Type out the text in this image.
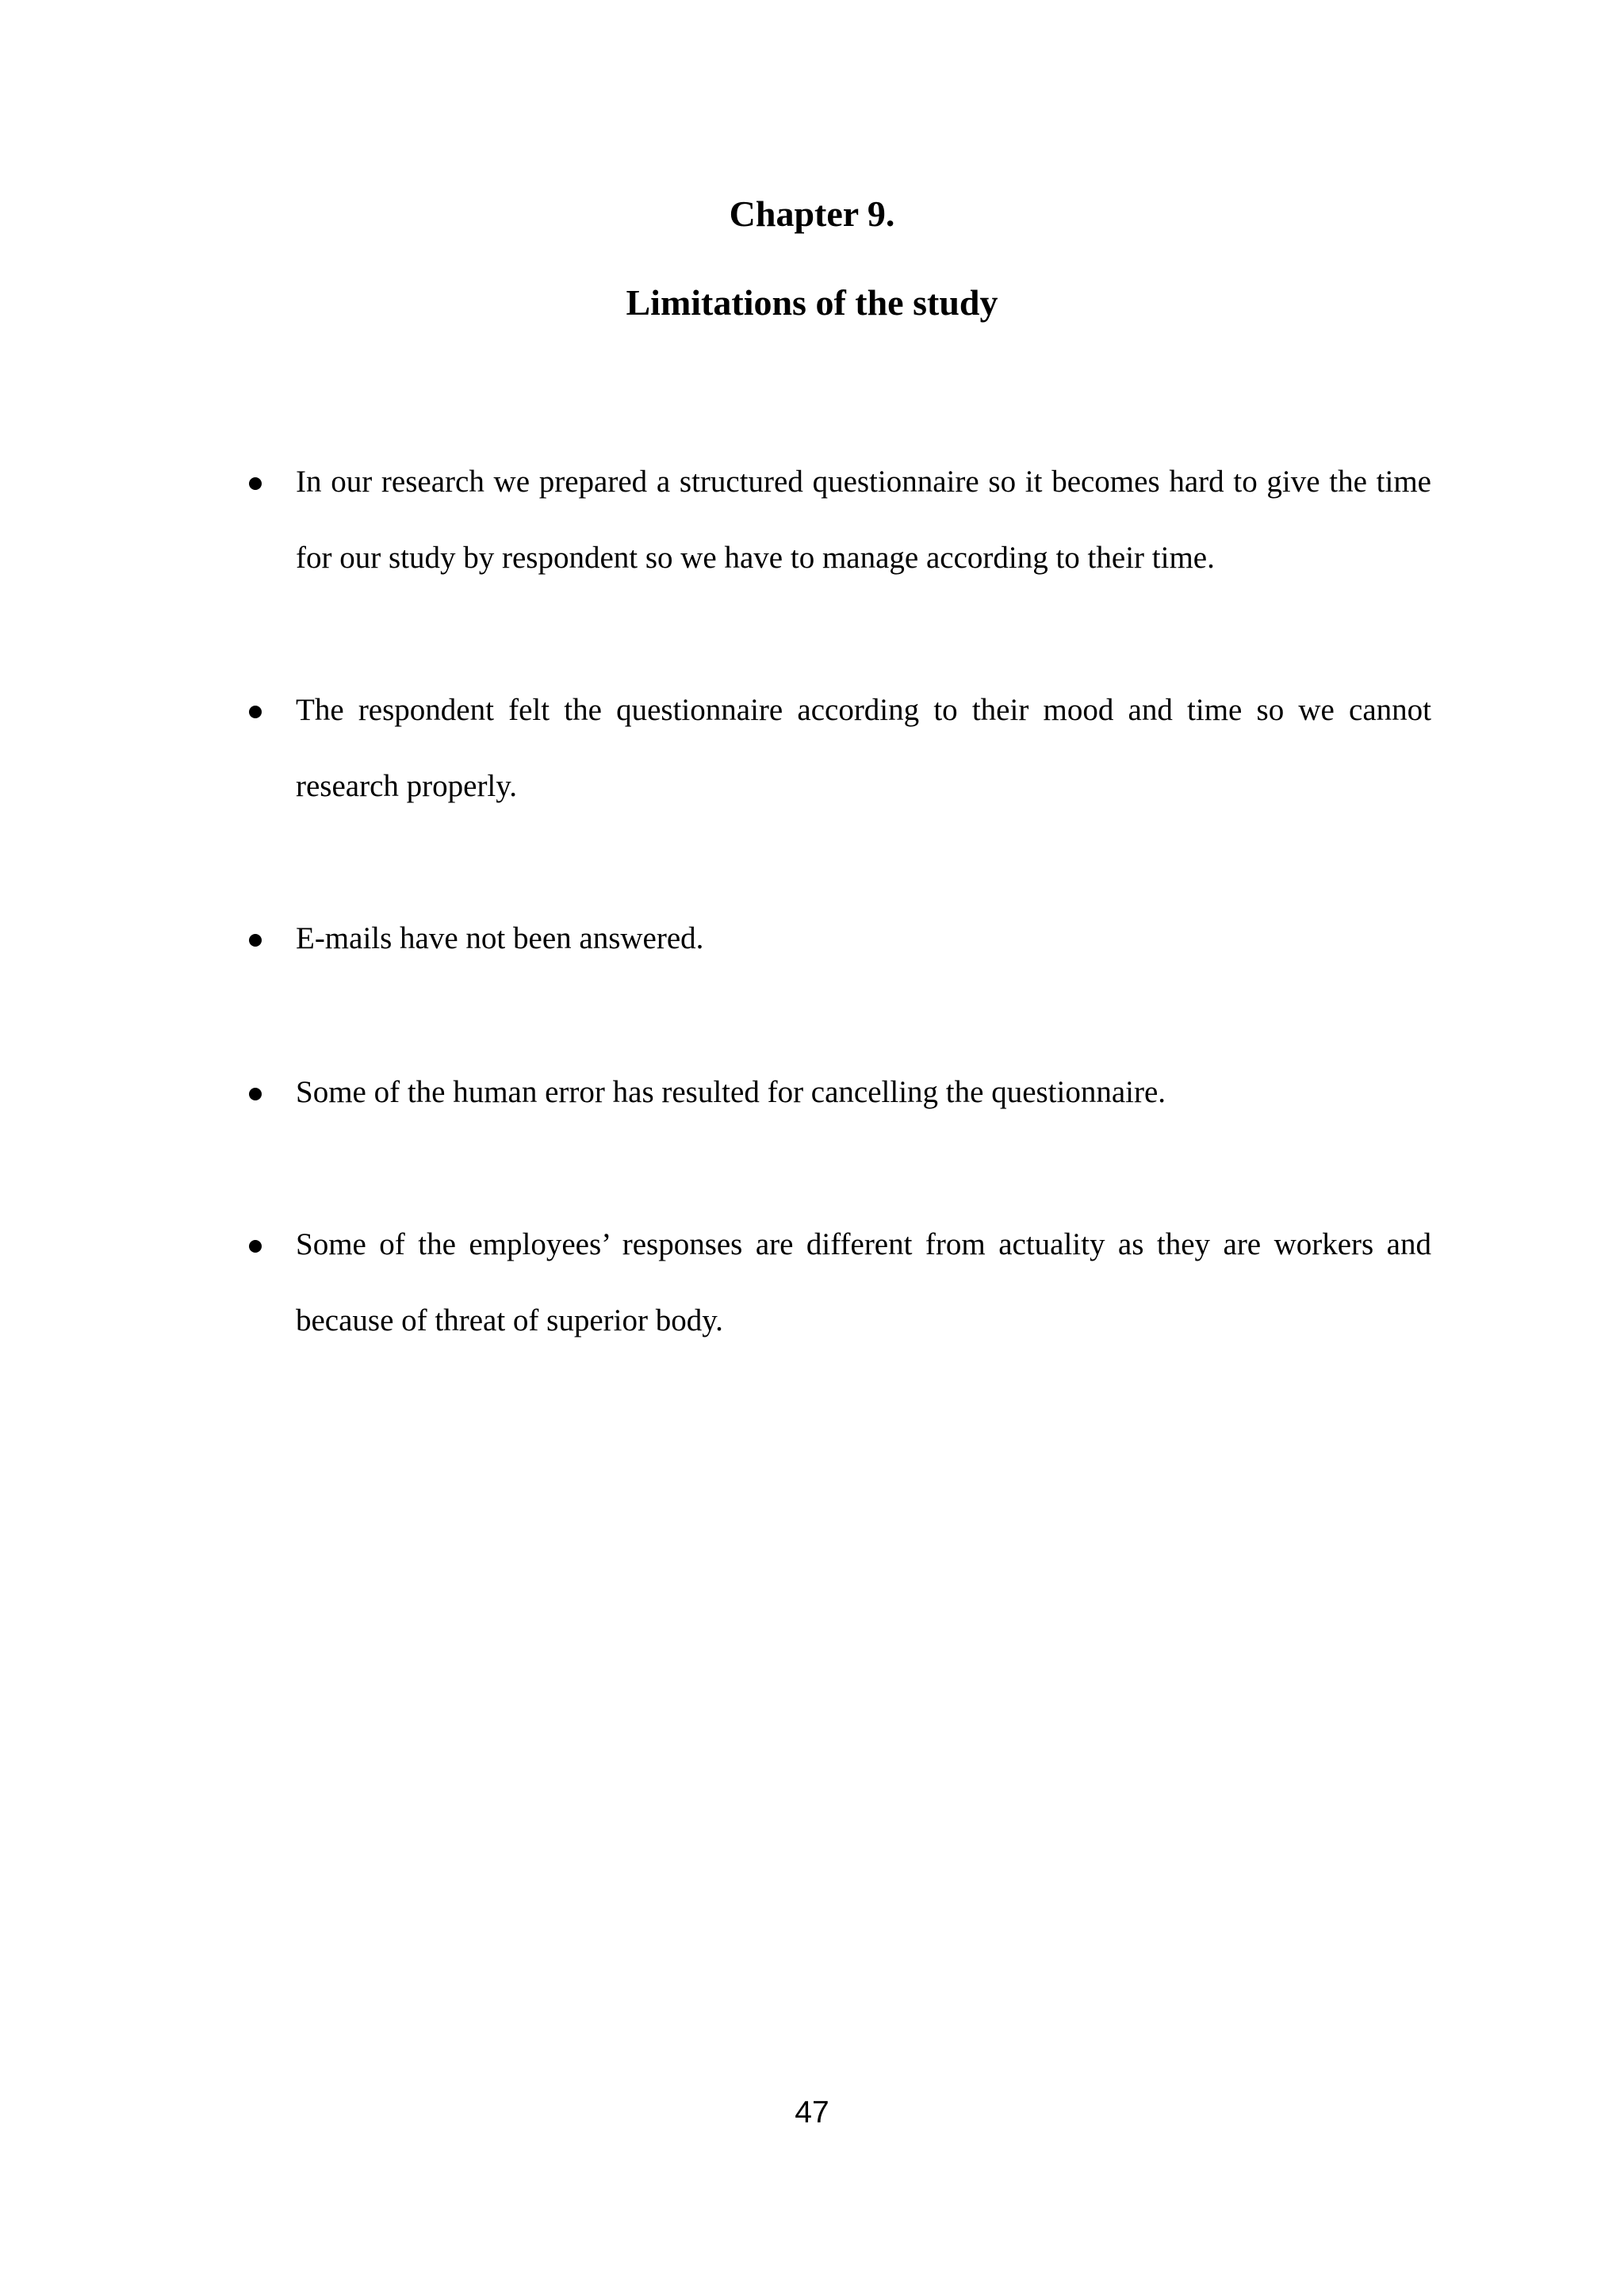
Chapter 9.
Limitations of the study
In our research we prepared a structured questionnaire so it becomes hard to give the time for our study by respondent so we have to manage according to their time.
The respondent felt the questionnaire according to their mood and time so we cannot research properly.
E-mails have not been answered.
Some of the human error has resulted for cancelling the questionnaire.
Some of the employees’ responses are different from actuality as they are workers and because of threat of superior body.
47
